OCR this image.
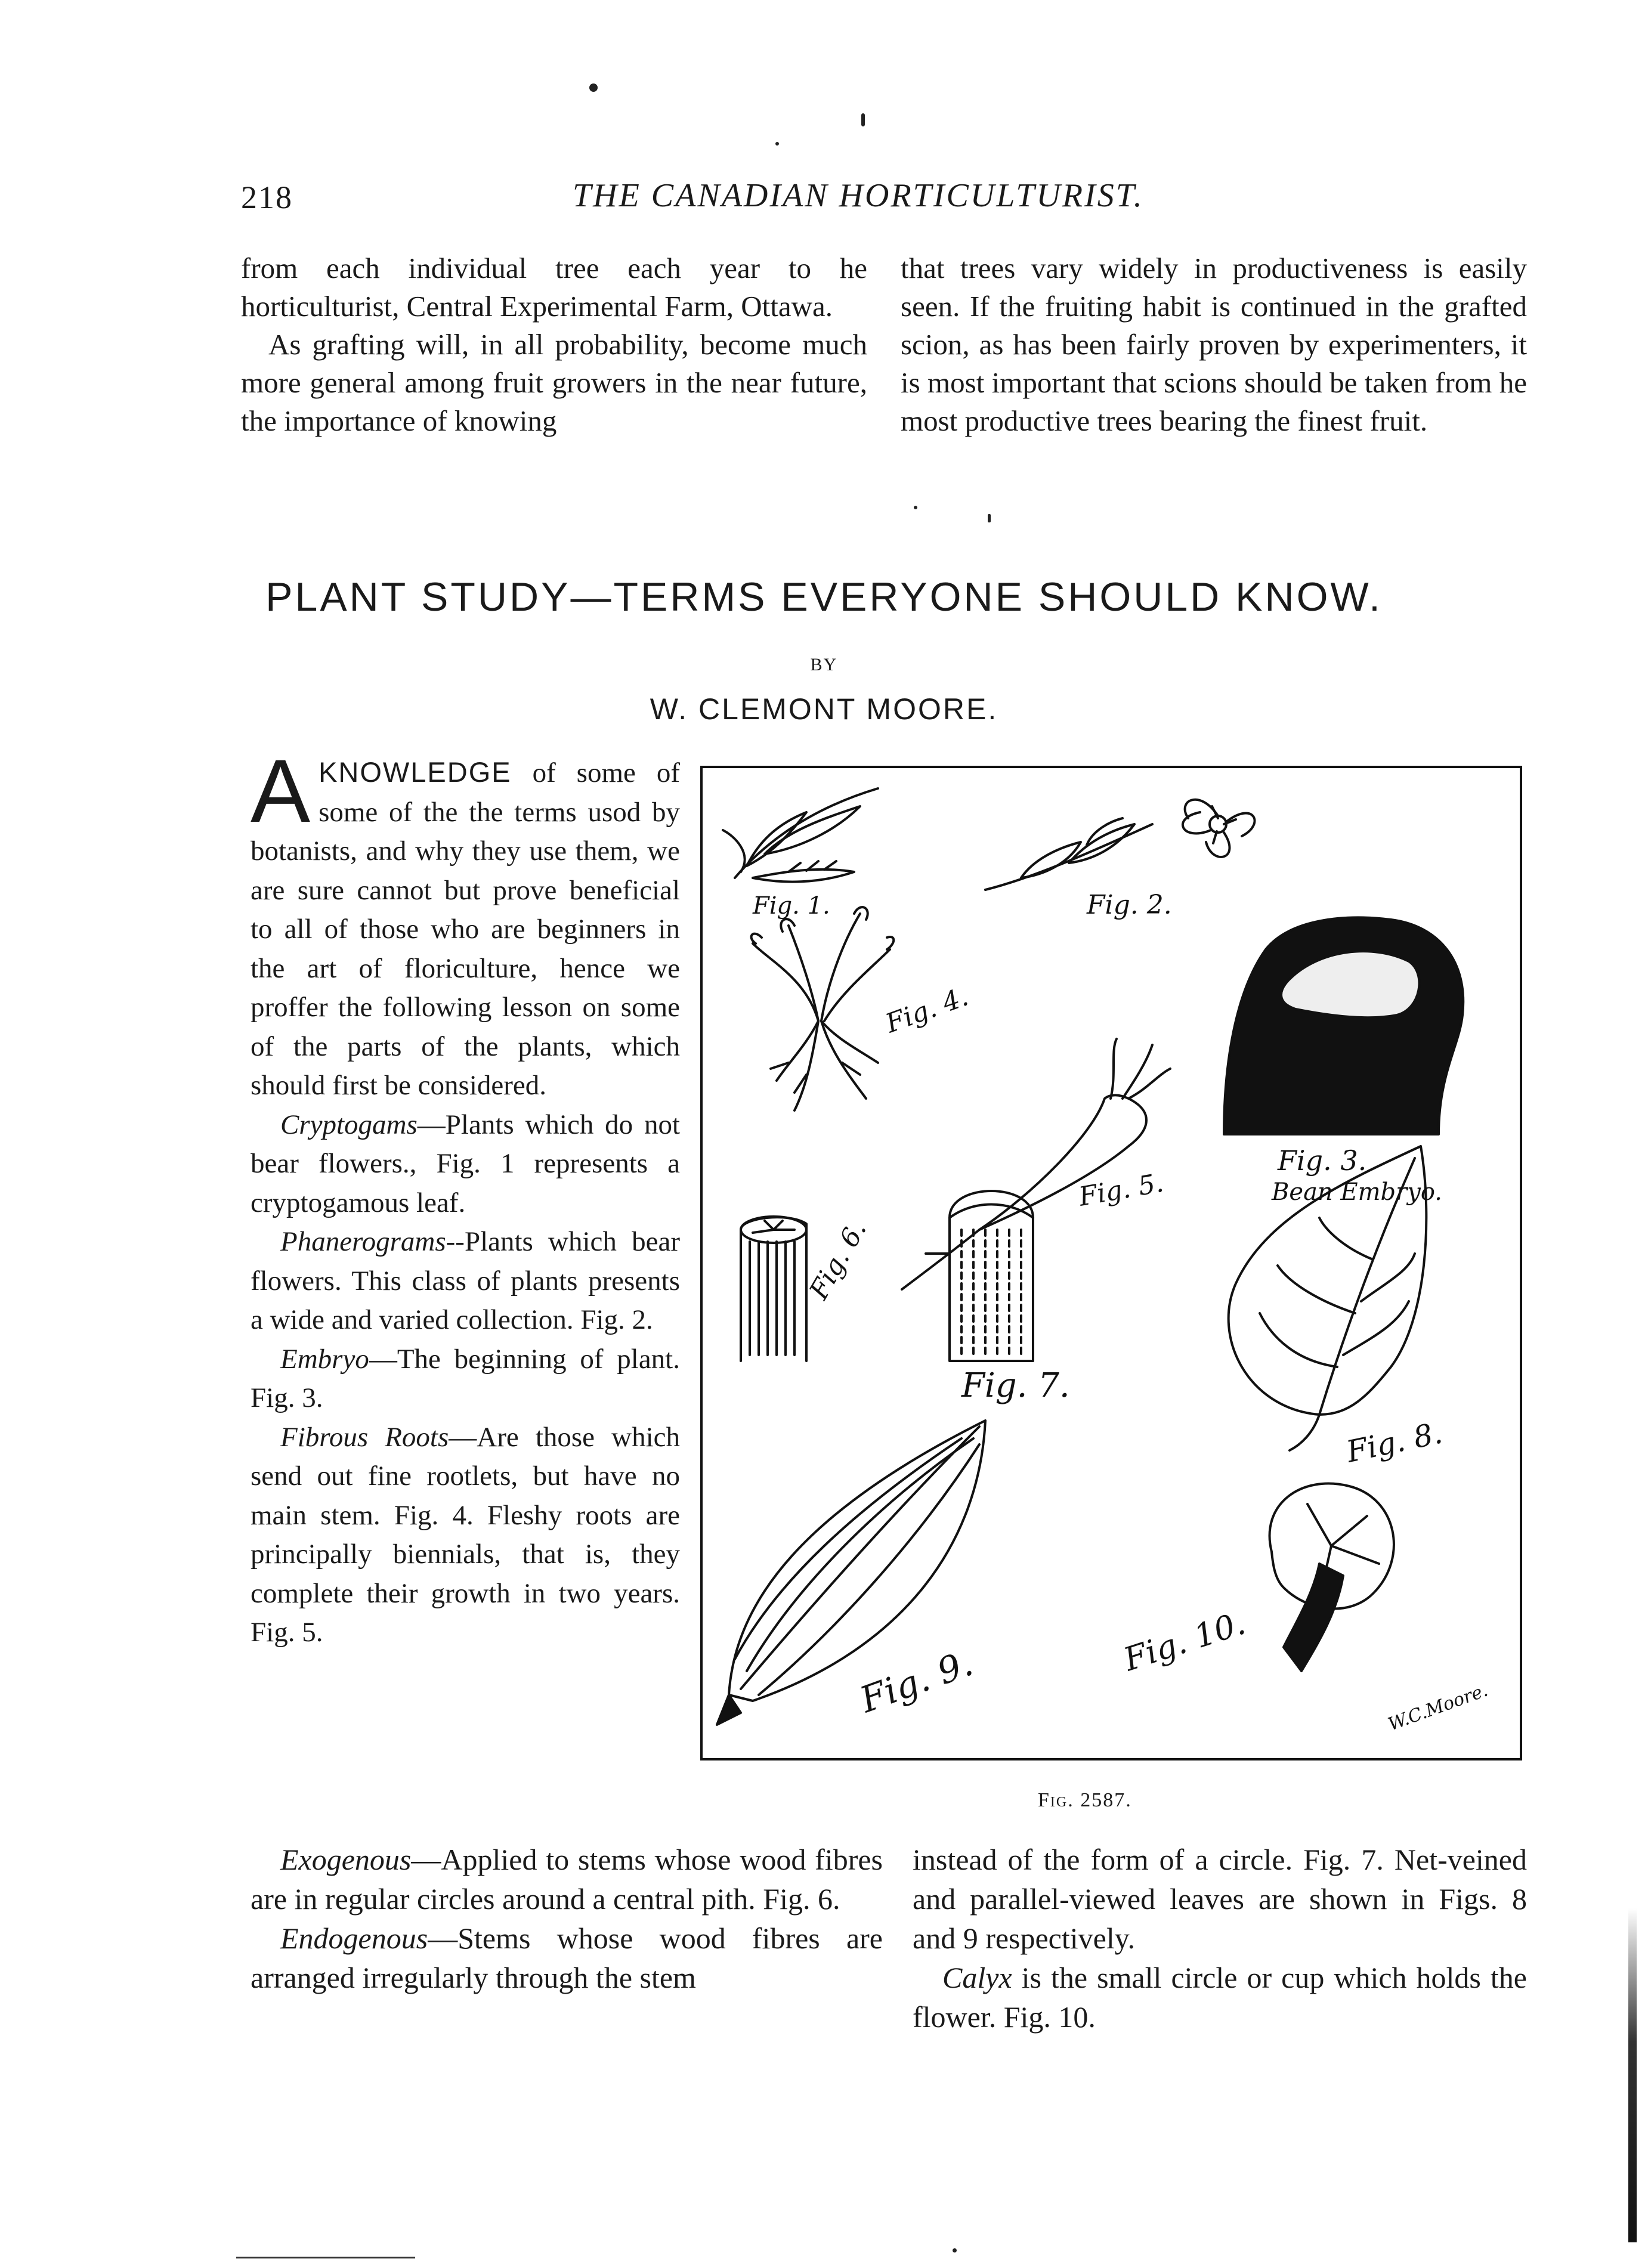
218	THE CANADIAN HORTICULTURIST.

from each individual tree each year to he horticulturist, Central Experimental Farm, Ottawa.

As grafting will, in all probability, become much more general among fruit growers in the near future, the importance of knowing

that trees vary widely in productiveness is easily seen. If the fruiting habit is continued in the grafted scion, as has been fairly proven by experimenters, it is most important that scions should be taken from he most productive trees bearing the finest fruit.

PLANT STUDY—TERMS EVERYONE SHOULD KNOW.
BY
W. CLEMONT MOORE.

AKNOWLEDGE of some of some of the the terms usod by botanists, and why they use them, we are sure cannot but prove beneficial to all of those who are beginners in the art of floriculture, hence we proffer the following lesson on some of the parts of the plants, which should first be considered.

Cryptogams—Plants which do not bear flowers., Fig. 1 represents a cryptogamous leaf.

Phanerograms--Plants which bear flowers. This class of plants presents a wide and varied collection. Fig. 2.

Embryo—The beginning of plant. Fig. 3.

Fibrous Roots—Are those which send out fine rootlets, but have no main stem. Fig. 4. Fleshy roots are principally biennials, that is, they complete their growth in two years. Fig. 5.

Fig. 1.	Fig. 2.
Fig. 4.
Fig. 3.
Bean Embryo.
Fig. 5.
Fig. 6.
Fig. 7.
Fig. 8.
Fig. 9.
Fig. 10.
W.C.Moore.
Fig. 2587.

Exogenous—Applied to stems whose wood fibres are in regular circles around a central pith. Fig. 6.

Endogenous—Stems whose wood fibres are arranged irregularly through the stem

instead of the form of a circle. Fig. 7. Net-veined and parallel-viewed leaves are shown in Figs. 8 and 9 respectively.

Calyx is the small circle or cup which holds the flower. Fig. 10.
